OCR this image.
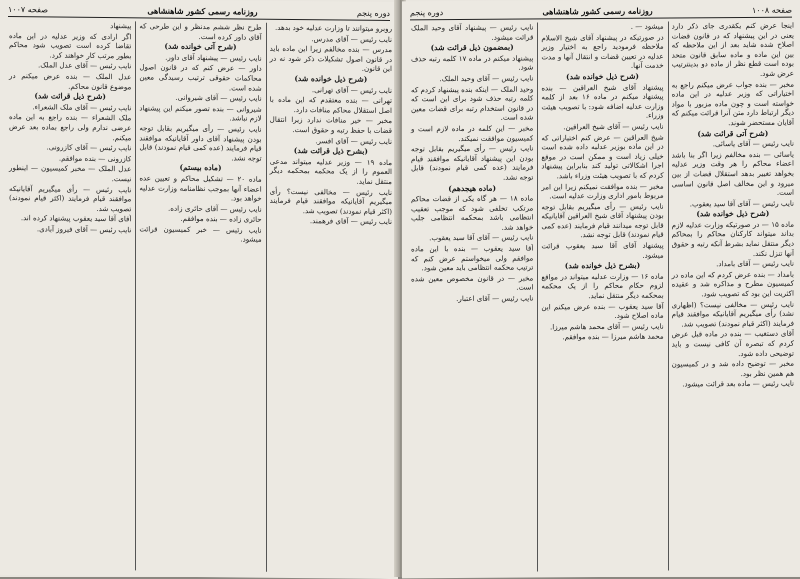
دوره پنجم
روزنامه رسمی کشور شاهنشاهی
صفحه ۱۰۰۷

روبرو میتوانند تا وزارت عدلیه خود بدهد.

نایب رئیس — آقای مدرس.

مدرس — بنده مخالفم زیرا این ماده باید در قانون اصول تشکیلات ذکر شود نه در این قانون.

(شرح ذیل خوانده شد)

نایب رئیس — آقای تهرانی.

تهرانی — بنده معتقدم که این ماده با اصل استقلال محاکم منافات دارد.

مخبر — خیر منافات ندارد زیرا انتقال قضات با حفظ رتبه و حقوق است.

نایب رئیس — آقای افسر.

(بشرح ذیل قرائت شد)

ماده ۱۹ — وزیر عدلیه میتواند مدعی العموم را از یک محکمه بمحکمه دیگر منتقل نماید.

نایب رئیس — مخالفی نیست؟ رأی میگیریم آقایانیکه موافقند قیام فرمایند (اکثر قیام نمودند) تصویب شد.

نایب رئیس — آقای فرهمند.

طرح نظر ششم مدنظر و این طرحی که آقای داور کرده است.

(شرح آتی خوانده شد)

نایب رئیس — پیشنهاد آقای داور.

داور — عرض کنم که در قانون اصول محاکمات حقوقی ترتیب رسیدگی معین شده است.

نایب رئیس — آقای شیروانی.

شیروانی — بنده تصور میکنم این پیشنهاد لازم نباشد.

نایب رئیس — رأی میگیریم بقابل توجه بودن پیشنهاد آقای داور آقایانیکه موافقند قیام فرمایند (عده کمی قیام نمودند) قابل توجه نشد.

(ماده بیستم)

ماده ۲۰ — تشکیل محاکم و تعیین عده اعضاء آنها بموجب نظامنامه وزارت عدلیه خواهد بود.

نایب رئیس — آقای حائری زاده.

حائری زاده — بنده موافقم.

نایب رئیس — خبر کمیسیون قرائت میشود.

پیشنهاد

اگر ارادی که وزیر عدلیه در این ماده تقاضا کرده است تصویب شود محاکم بطور مرتب کار خواهند کرد.

نایب رئیس — آقای عدل الملک.

عدل الملک — بنده عرض میکنم در موضوع قانون محاکم.

(شرح ذیل قرائت شد)

نایب رئیس — آقای ملک الشعراء.

ملک الشعراء — بنده راجع به این ماده عرضی ندارم ولی راجع بماده بعد عرض میکنم.

نایب رئیس — آقای کازرونی.

کازرونی — بنده موافقم.

عدل الملک — مخبر کمیسیون — اینطور نیست.

نایب رئیس — رأی میگیریم آقایانیکه موافقند قیام فرمایند (اکثر قیام نمودند) تصویب شد.

آقای آقا سید یعقوب پیشنهاد کرده اند.

نایب رئیس — آقای فیروز آبادی.

صفحه ۱۰۰۸
روزنامه رسمی کشور شاهنشاهی
دوره پنجم

اینجا عرض کنم یکقدری جای ذکر دارد یعنی در این پیشنهاد که در قانون قضات اصلاح شده شاید بعد از این ملاحظه که بین این ماده و ماده سابق قانون متحد بوده است قطع نظر از ماده دو بدینترتیب عرض شود.

مخبر — بنده جواب عرض میکنم راجع به اختیاراتی که وزیر عدلیه در این ماده خواسته است و چون ماده مزبور با مواد دیگر ارتباط دارد متن آنرا قرائت میکنم که آقایان مستحضر شوند.

(شرح آتی قرائت شد)

نایب رئیس — آقای یاسائی.

یاسائی — بنده مخالفم زیرا اگر بنا باشد اعضاء محاکم را هر وقت وزیر عدلیه بخواهد تغییر بدهد استقلال قضات از بین میرود و این مخالف اصل قانون اساسی است.

نایب رئیس — آقای آقا سید یعقوب.

(شرح ذیل خوانده شد)

ماده ۱۵ — در صورتیکه وزارت عدلیه لازم بداند میتواند کارکنان محاکم را بمحاکم دیگر منتقل نماید بشرط آنکه رتبه و حقوق آنها تنزل نکند.

نایب رئیس — آقای بامداد.

بامداد — بنده عرض کردم که این ماده در کمیسیون مطرح و مذاکره شد و عقیده اکثریت این بود که تصویب شود.

نایب رئیس — مخالفی نیست؟ (اظهاری نشد) رأی میگیریم آقایانیکه موافقند قیام فرمایند (اکثر قیام نمودند) تصویب شد.

آقای دستغیب — بنده در ماده قبل عرض کردم که تبصره آن کافی نیست و باید توضیحی داده شود.

مخبر — توضیح داده شد و در کمیسیون هم همین نظر بود.

نایب رئیس — ماده بعد قرائت میشود.

میشود — .

در صورتیکه در پیشنهاد آقای شیخ الاسلام ملاحظه فرمودید راجع به اختیار وزیر عدلیه در تعیین قضات و انتقال آنها و مدت خدمت آنها.

(شرح ذیل خوانده شد)

پیشنهاد آقای شیخ العراقین — بنده پیشنهاد میکنم در ماده ۱۶ بعد از کلمه وزارت عدلیه اضافه شود: با تصویب هیئت وزراء.

نایب رئیس — آقای شیخ العراقین.

شیخ العراقین — عرض کنم اختیاراتی که در این ماده بوزیر عدلیه داده شده است خیلی زیاد است و ممکن است در موقع اجرا اشکالاتی تولید کند بنابراین پیشنهاد کردم که با تصویب هیئت وزراء باشد.

مخبر — بنده موافقت نمیکنم زیرا این امر مربوط بامور اداری وزارت عدلیه است.

نایب رئیس — رأی میگیریم بقابل توجه بودن پیشنهاد آقای شیخ العراقین آقایانیکه قابل توجه میدانند قیام فرمایند (عده کمی قیام نمودند) قابل توجه نشد.

پیشنهاد آقای آقا سید یعقوب قرائت میشود.

(بشرح ذیل خوانده شد)

ماده ۱۶ — وزارت عدلیه میتواند در مواقع لزوم حکام محاکم را از یک محکمه بمحکمه دیگر منتقل نماید.

آقا سید یعقوب — بنده عرض میکنم این ماده اصلاح شود.

نایب رئیس — آقای محمد هاشم میرزا.

محمد هاشم میرزا — بنده موافقم.

نایب رئیس — پیشنهاد آقای وحید الملک قرائت میشود.

(بمضمون ذیل قرائت شد)

پیشنهاد میکنم در ماده ۱۷ کلمه رتبه حذف شود.

نایب رئیس — آقای وحید الملک.

وحید الملک — اینکه بنده پیشنهاد کردم که کلمه رتبه حذف شود برای این است که در قانون استخدام رتبه برای قضات معین شده است.

مخبر — این کلمه در ماده لازم است و کمیسیون موافقت نمیکند.

نایب رئیس — رأی میگیریم بقابل توجه بودن این پیشنهاد آقایانیکه موافقند قیام فرمایند (عده کمی قیام نمودند) قابل توجه نشد.

(ماده هیجدهم)

ماده ۱۸ — هر گاه یکی از قضات محاکم مرتکب تخلفی شود که موجب تعقیب انتظامی باشد بمحکمه انتظامی جلب خواهد شد.

نایب رئیس — آقای آقا سید یعقوب.

آقا سید یعقوب — بنده با این ماده موافقم ولی میخواستم عرض کنم که ترتیب محکمه انتظامی باید معین شود.

مخبر — در قانون مخصوص معین شده است.

نایب رئیس — آقای اعتبار.
